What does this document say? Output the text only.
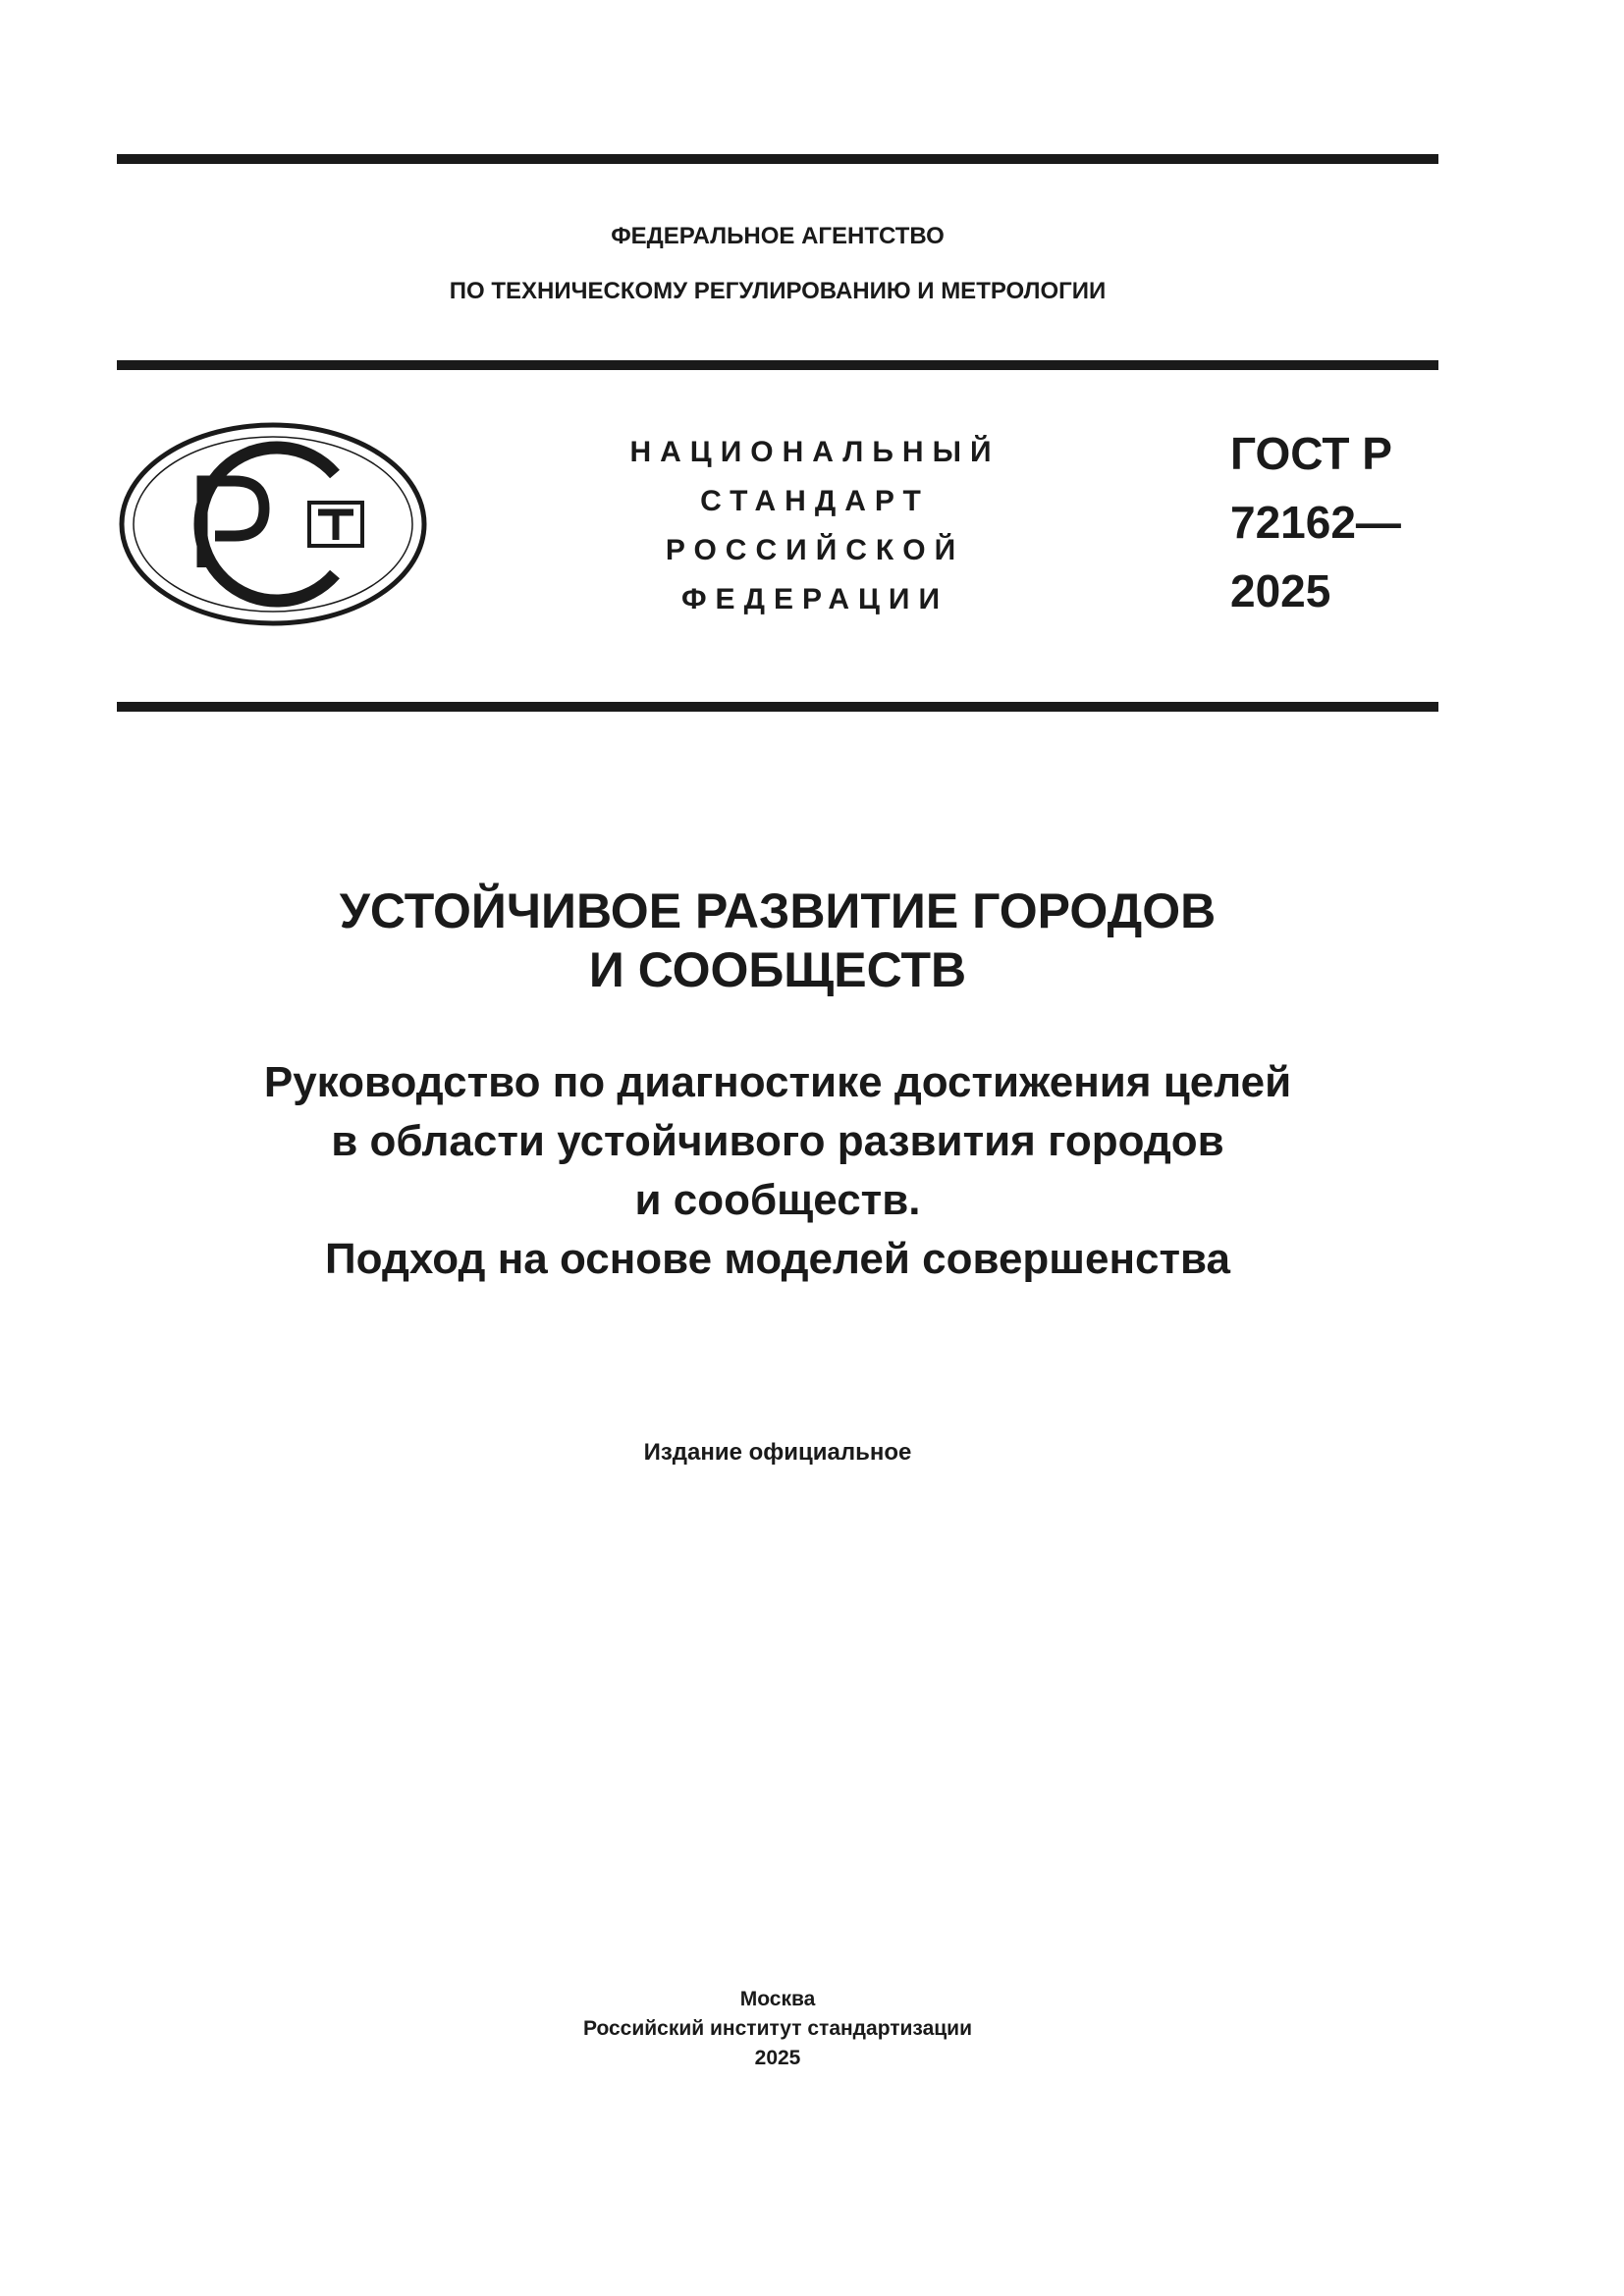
ФЕДЕРАЛЬНОЕ АГЕНТСТВО
ПО ТЕХНИЧЕСКОМУ РЕГУЛИРОВАНИЮ И МЕТРОЛОГИИ
НАЦИОНАЛЬНЫЙ
СТАНДАРТ
РОССИЙСКОЙ
ФЕДЕРАЦИИ
ГОСТ Р
72162—
2025
УСТОЙЧИВОЕ РАЗВИТИЕ ГОРОДОВ
И СООБЩЕСТВ
Руководство по диагностике достижения целей
в области устойчивого развития городов
и сообществ.
Подход на основе моделей совершенства
Издание официальное
Москва
Российский институт стандартизации
2025
